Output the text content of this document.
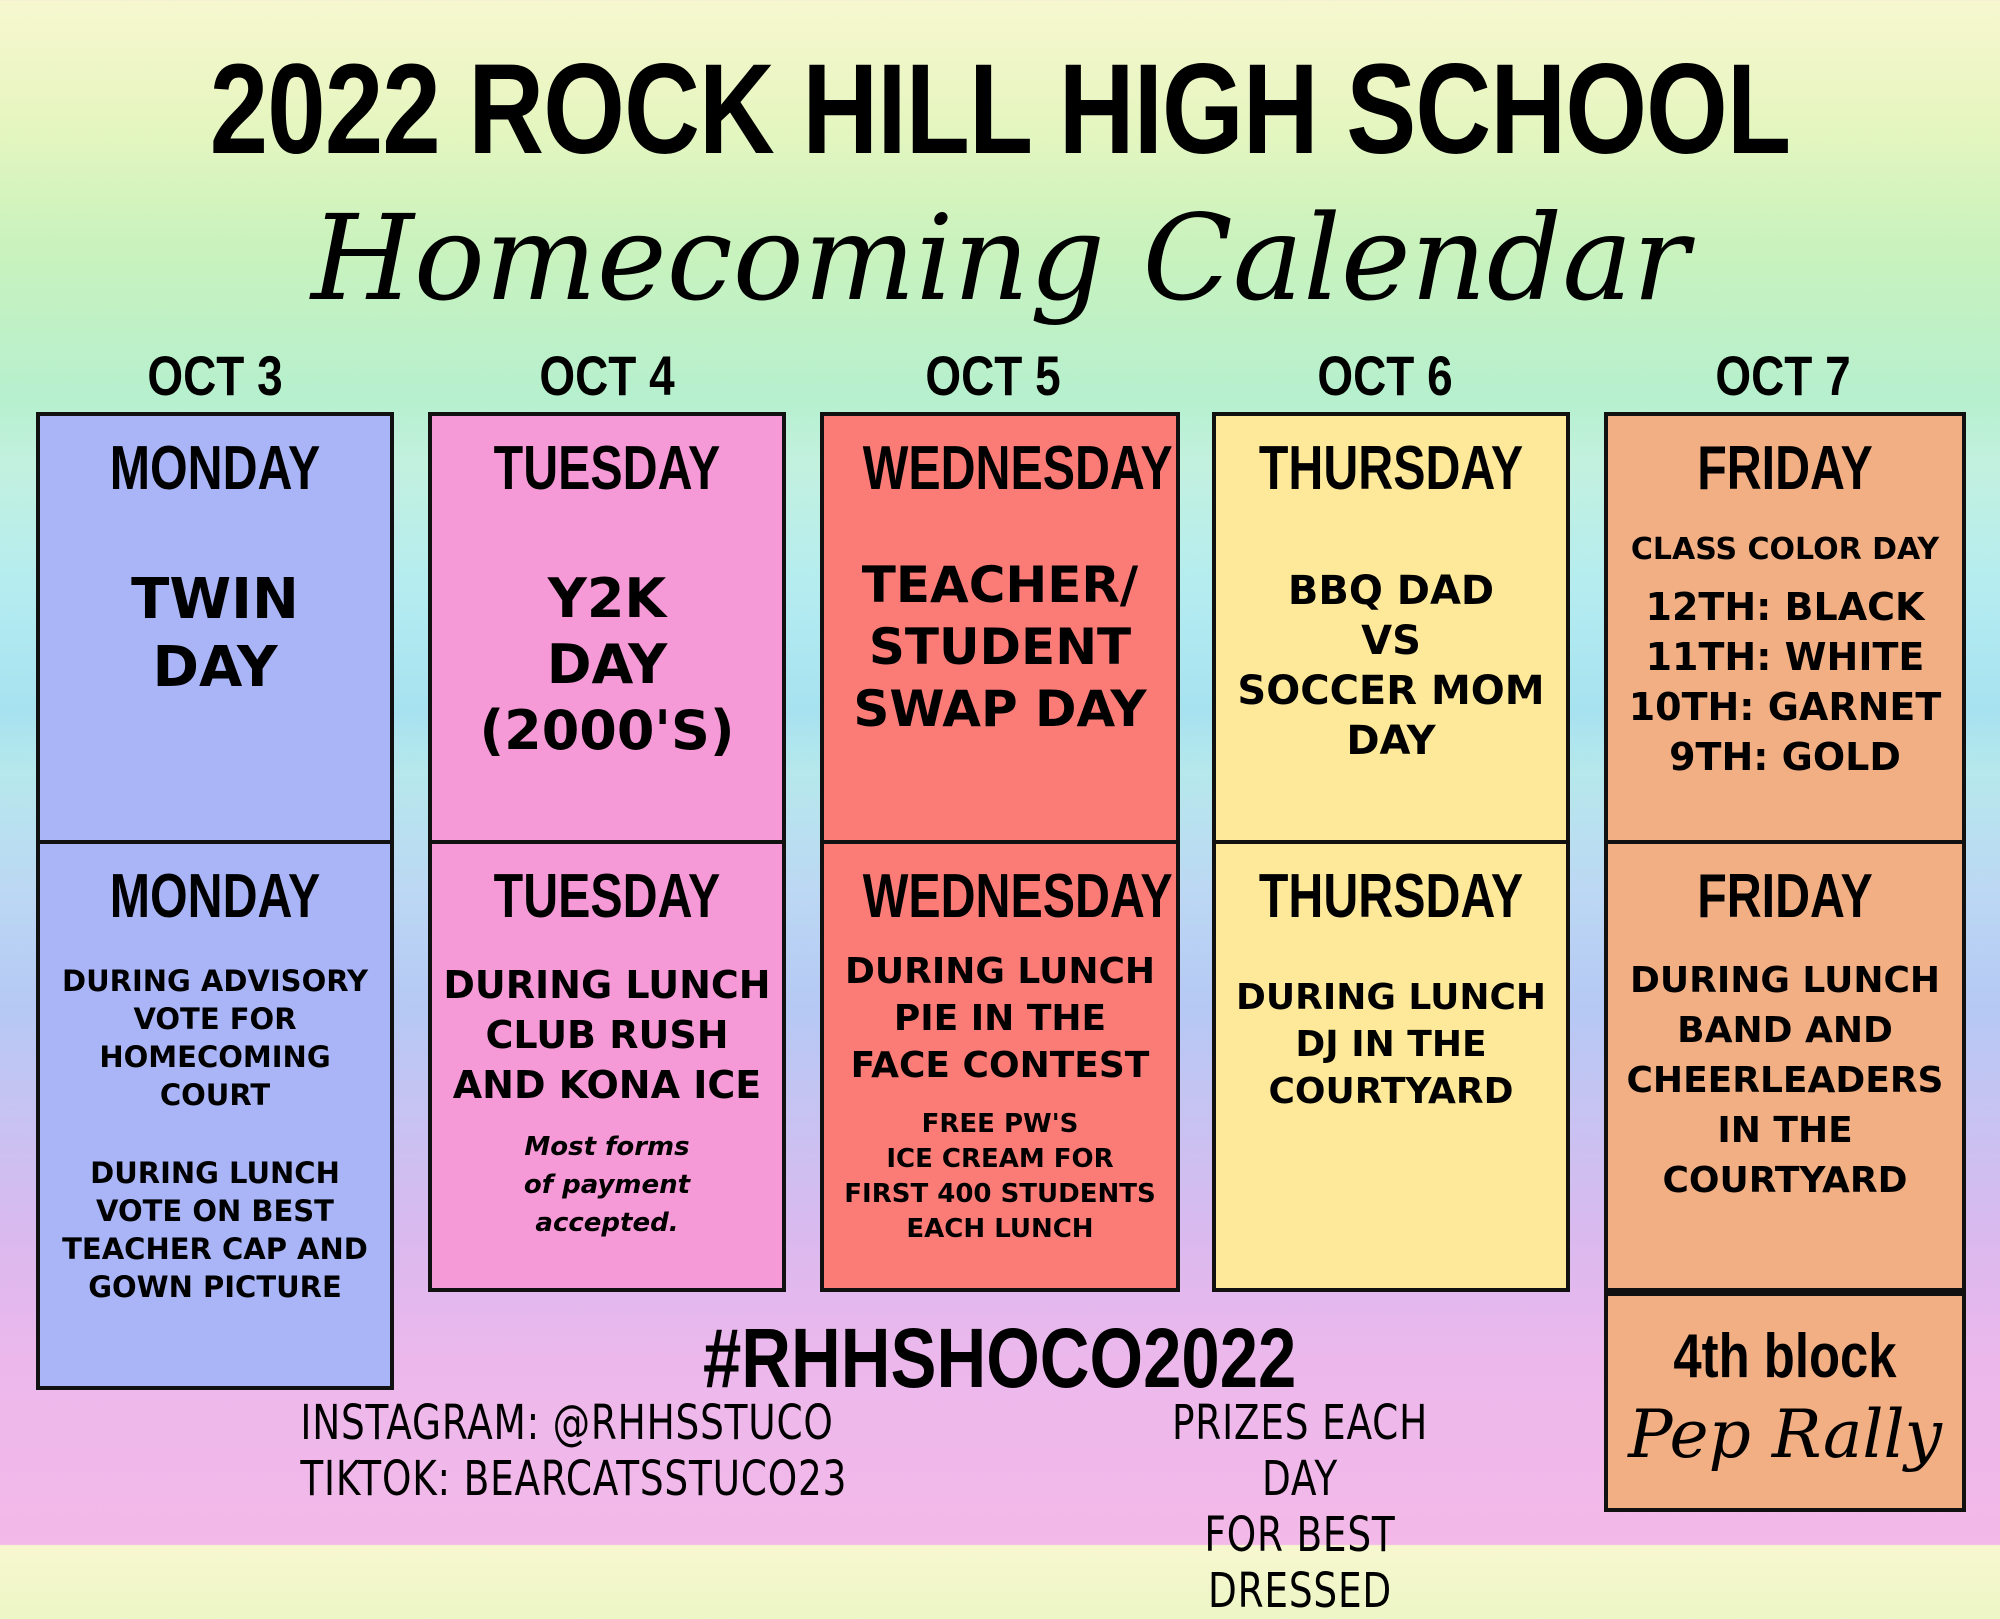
2022 ROCK HILL HIGH SCHOOL
Homecoming Calendar
OCT 3	OCT 4	OCT 5	OCT 6	OCT 7
MONDAY
TWIN
DAY
TUESDAY
Y2K
DAY
(2000'S)
WEDNESDAY
TEACHER/
STUDENT
SWAP DAY
THURSDAY
BBQ DAD
VS
SOCCER MOM
DAY
FRIDAY
CLASS COLOR DAY
12TH: BLACK
11TH: WHITE
10TH: GARNET
9TH: GOLD
MONDAY
DURING ADVISORY
VOTE FOR
HOMECOMING
COURT
DURING LUNCH
VOTE ON BEST
TEACHER CAP AND
GOWN PICTURE
TUESDAY
DURING LUNCH
CLUB RUSH
AND KONA ICE
Most forms
of payment
accepted.
WEDNESDAY
DURING LUNCH
PIE IN THE
FACE CONTEST
FREE PW'S
ICE CREAM FOR
FIRST 400 STUDENTS
EACH LUNCH
THURSDAY
DURING LUNCH
DJ IN THE
COURTYARD
FRIDAY
DURING LUNCH
BAND AND
CHEERLEADERS
IN THE
COURTYARD
4th block
Pep Rally
#RHHSHOCO2022
INSTAGRAM: @RHHSSTUCO
TIKTOK: BEARCATSSTUCO23
PRIZES EACH DAY
FOR BEST DRESSED
